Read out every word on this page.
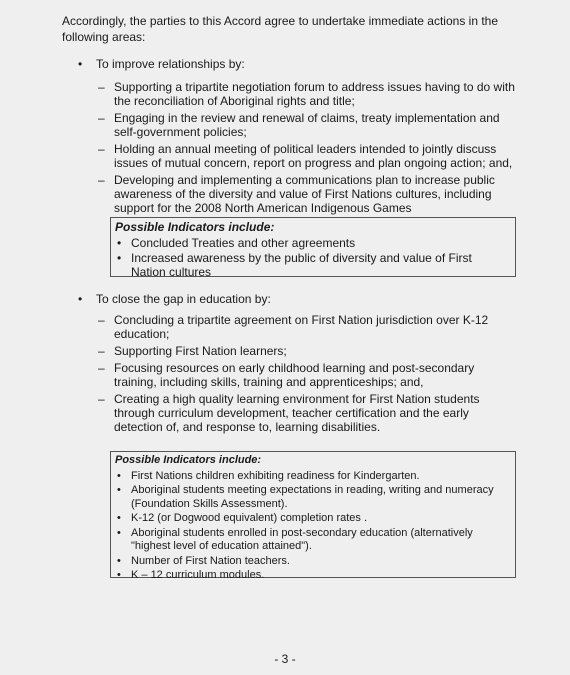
Accordingly, the parties to this Accord agree to undertake immediate actions in the following areas:
• To improve relationships by:
– Supporting a tripartite negotiation forum to address issues having to do with the reconciliation of Aboriginal rights and title;
– Engaging in the review and renewal of claims, treaty implementation and self-government policies;
– Holding an annual meeting of political leaders intended to jointly discuss issues of mutual concern, report on progress and plan ongoing action; and,
– Developing and implementing a communications plan to increase public awareness of the diversity and value of First Nations cultures, including support for the 2008 North American Indigenous Games
Possible Indicators include:
• Concluded Treaties and other agreements
• Increased awareness by the public of diversity and value of First Nation cultures
• To close the gap in education by:
– Concluding a tripartite agreement on First Nation jurisdiction over K-12 education;
– Supporting First Nation learners;
– Focusing resources on early childhood learning and post-secondary training, including skills, training and apprenticeships; and,
– Creating a high quality learning environment for First Nation students through curriculum development, teacher certification and the early detection of, and response to, learning disabilities.
Possible Indicators include:
• First Nations children exhibiting readiness for Kindergarten.
• Aboriginal students meeting expectations in reading, writing and numeracy (Foundation Skills Assessment).
• K-12 (or Dogwood equivalent) completion rates .
• Aboriginal students enrolled in post-secondary education (alternatively "highest level of education attained").
• Number of First Nation teachers.
• K – 12 curriculum modules.
- 3 -
